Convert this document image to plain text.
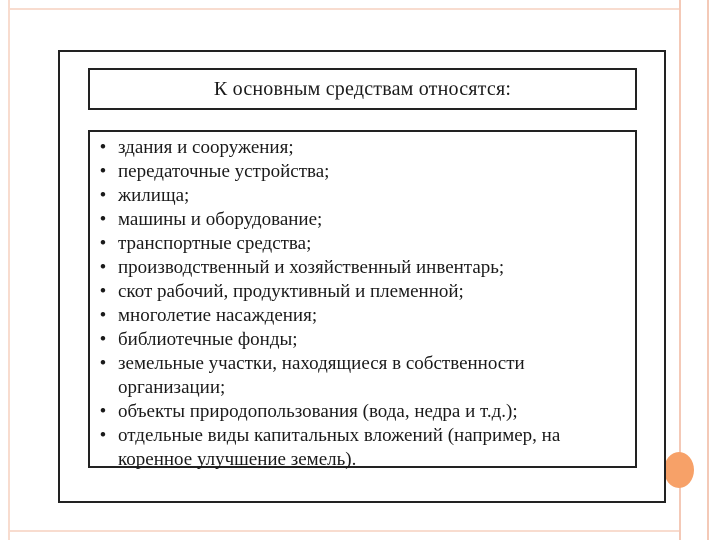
К основным средствам относятся:
• здания и сооружения;
• передаточные устройства;
• жилища;
• машины и оборудование;
• транспортные средства;
• производственный и хозяйственный инвентарь;
• скот рабочий, продуктивный и племенной;
• многолетие насаждения;
• библиотечные фонды;
• земельные участки, находящиеся в собственности организации;
• объекты природопользования (вода, недра и т.д.);
• отдельные виды капитальных вложений (например, на коренное улучшение земель).
